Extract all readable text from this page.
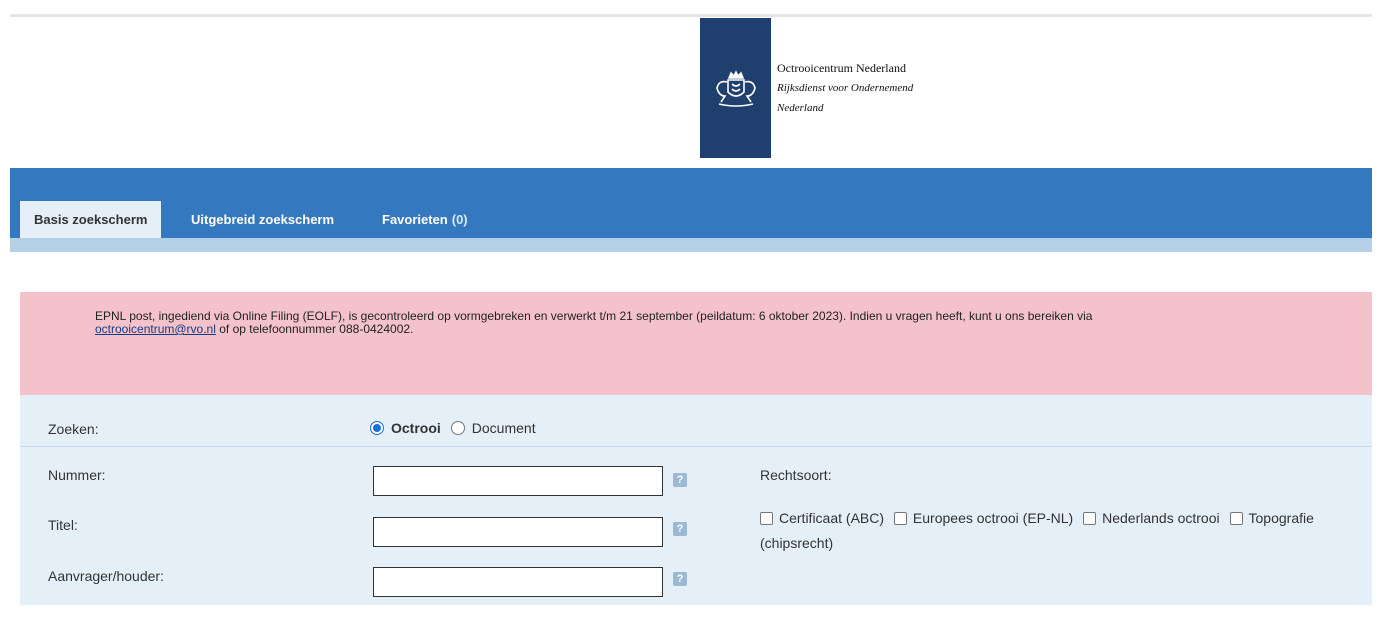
Octrooicentrum Nederland
Rijksdienst voor Ondernemend
Nederland
Basis zoekscherm	Uitgebreid zoekscherm	Favorieten (0)
EPNL post, ingediend via Online Filing (EOLF), is gecontroleerd op vormgebreken en verwerkt t/m 21 september (peildatum: 6 oktober 2023). Indien u vragen heeft, kunt u ons bereiken via
octrooicentrum@rvo.nl of op telefoonnummer 088-0424002.
Zoeken:	Octrooi Document
Nummer:	?
Titel:	?
Aanvrager/houder:	?
Rechtsoort:
Certificaat (ABC) Europees octrooi (EP-NL) Nederlands octrooi Topografie (chipsrecht)
